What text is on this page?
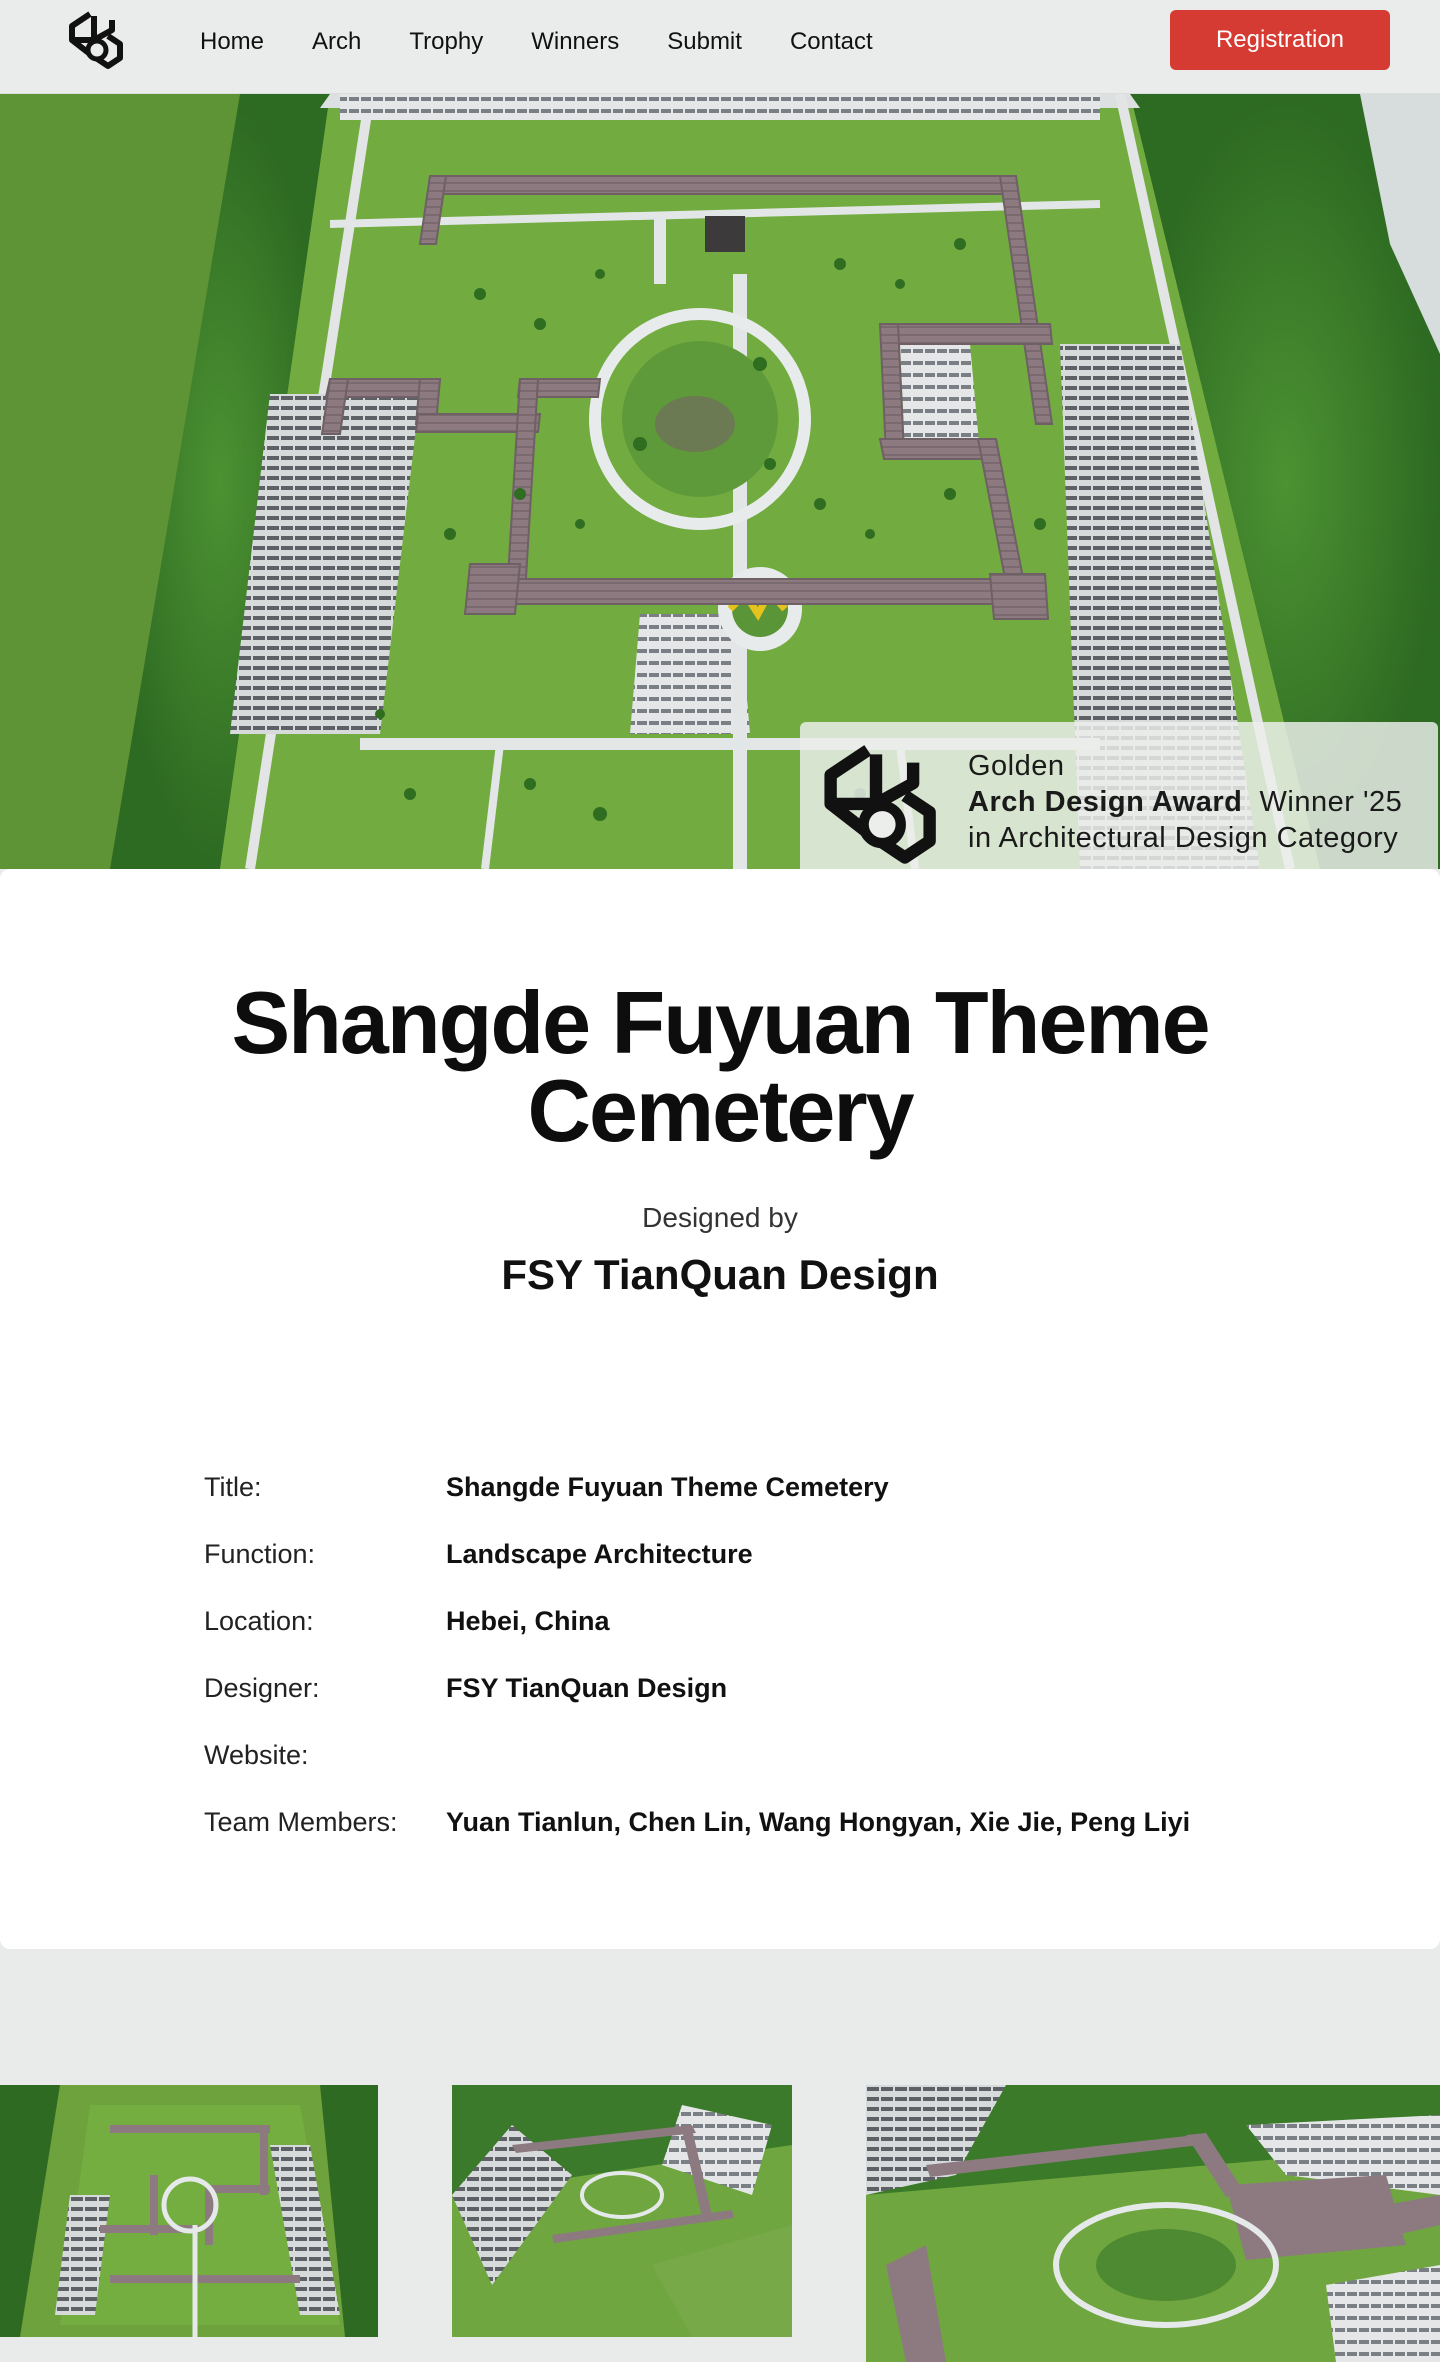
Home	Arch	Trophy	Winners	Submit	Contact	Registration
Golden
Arch Design Award Winner '25
in Architectural Design Category
Shangde Fuyuan Theme Cemetery
Designed by
FSY TianQuan Design
Title:	Shangde Fuyuan Theme Cemetery
Function:	Landscape Architecture
Location:	Hebei, China
Designer:	FSY TianQuan Design
Website:
Team Members:	Yuan Tianlun, Chen Lin, Wang Hongyan, Xie Jie, Peng Liyi
